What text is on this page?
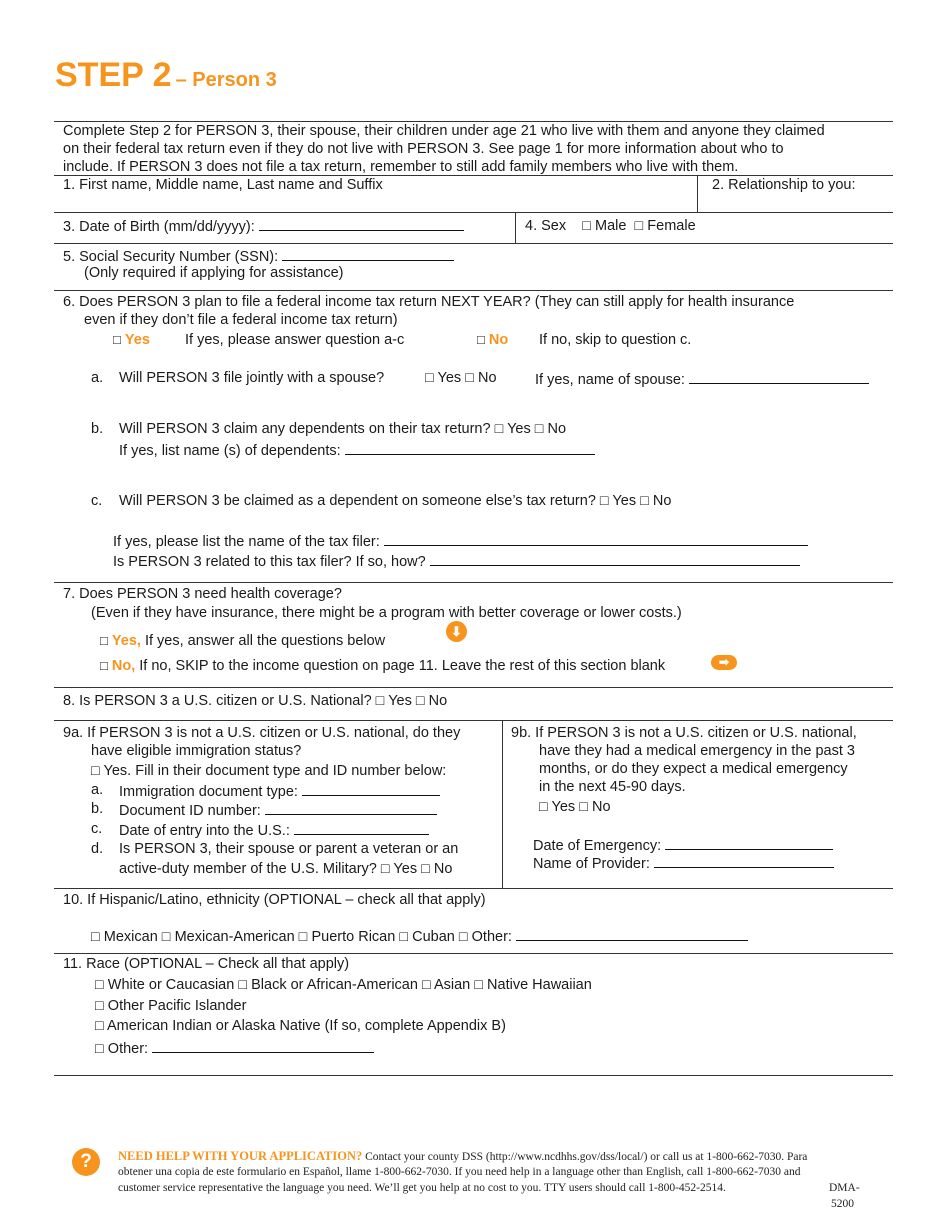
STEP 2 – Person 3
Complete Step 2 for PERSON 3, their spouse, their children under age 21 who live with them and anyone they claimed
on their federal tax return even if they do not live with PERSON 3. See page 1 for more information about who to
include. If PERSON 3 does not file a tax return, remember to still add family members who live with them.
1. First name, Middle name, Last name and Suffix	2. Relationship to you:
3. Date of Birth (mm/dd/yyyy):	4. Sex □ Male □ Female
5. Social Security Number (SSN):
(Only required if applying for assistance)
6. Does PERSON 3 plan to file a federal income tax return NEXT YEAR? (They can still apply for health insurance
even if they don’t file a federal income tax return)
□ Yes If yes, please answer question a-c	□ No If no, skip to question c.
a. Will PERSON 3 file jointly with a spouse?	□ Yes □ No	If yes, name of spouse:
b. Will PERSON 3 claim any dependents on their tax return? □ Yes □ No
If yes, list name (s) of dependents:
c. Will PERSON 3 be claimed as a dependent on someone else’s tax return? □ Yes □ No
If yes, please list the name of the tax filer:
Is PERSON 3 related to this tax filer? If so, how?
7. Does PERSON 3 need health coverage?
(Even if they have insurance, there might be a program with better coverage or lower costs.)
□ Yes, If yes, answer all the questions below
⬇
□ No, If no, SKIP to the income question on page 11. Leave the rest of this section blank	➡
8. Is PERSON 3 a U.S. citizen or U.S. National? □ Yes □ No
9a. If PERSON 3 is not a U.S. citizen or U.S. national, do they
have eligible immigration status?
□ Yes. Fill in their document type and ID number below:
a. Immigration document type:
b. Document ID number:
c. Date of entry into the U.S.:
d. Is PERSON 3, their spouse or parent a veteran or an
active-duty member of the U.S. Military? □ Yes □ No
9b. If PERSON 3 is not a U.S. citizen or U.S. national,
have they had a medical emergency in the past 3
months, or do they expect a medical emergency
in the next 45-90 days.
□ Yes □ No
Date of Emergency:
Name of Provider:
10. If Hispanic/Latino, ethnicity (OPTIONAL – check all that apply)
□ Mexican □ Mexican-American □ Puerto Rican □ Cuban □ Other:
11. Race (OPTIONAL – Check all that apply)
□ White or Caucasian □ Black or African-American □ Asian □ Native Hawaiian
□ Other Pacific Islander
□ American Indian or Alaska Native (If so, complete Appendix B)
□ Other:
?	NEED HELP WITH YOUR APPLICATION? Contact your county DSS (http://www.ncdhhs.gov/dss/local/) or call us at 1-800-662-7030. Para
obtener una copia de este formulario en Español, llame 1-800-662-7030. If you need help in a language other than English, call 1-800-662-7030 and
customer service representative the language you need. We’ll get you help at no cost to you. TTY users should call 1-800-452-2514.	DMA-
5200
